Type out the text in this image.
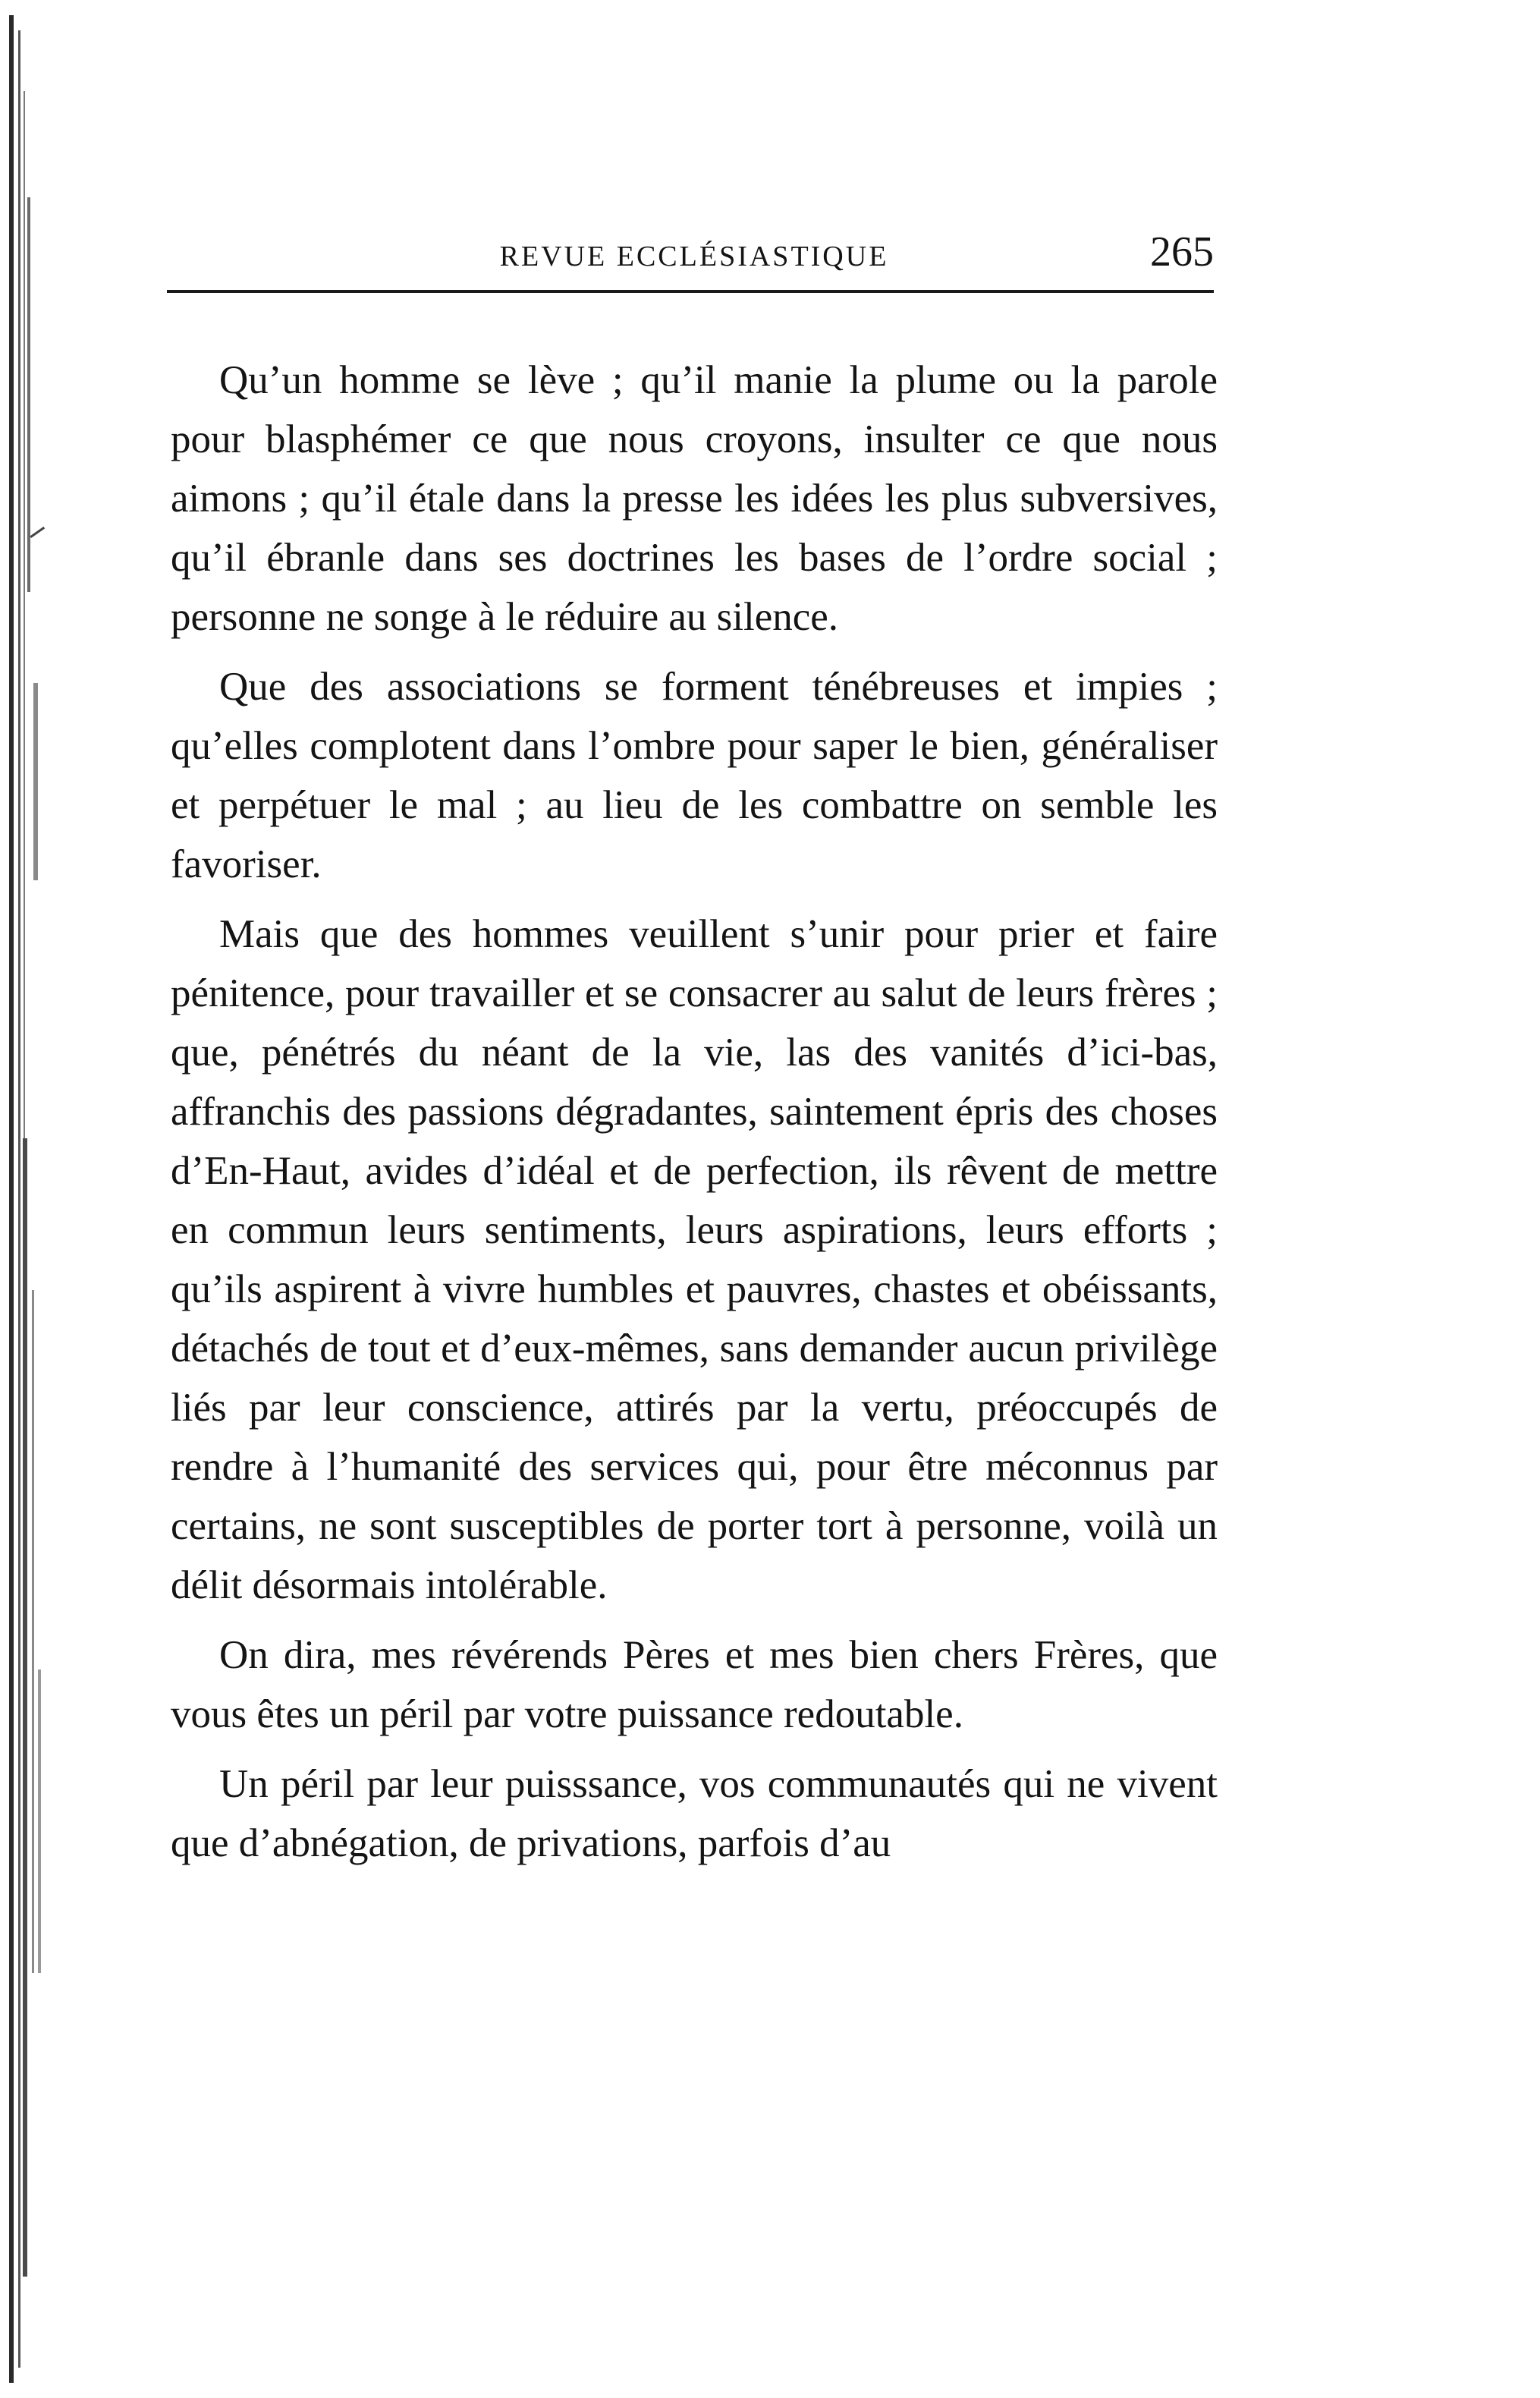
REVUE ECCLÉSIASTIQUE	265

Qu’un homme se lève ; qu’il manie la plume ou la parole pour blasphémer ce que nous croyons, insulter ce que nous aimons ; qu’il étale dans la presse les idées les plus subversives, qu’il ébranle dans ses doctrines les bases de l’ordre social ; personne ne songe à le réduire au silence.

Que des associations se forment ténébreuses et impies ; qu’elles complotent dans l’ombre pour saper le bien, généraliser et perpétuer le mal ; au lieu de les combattre on semble les favoriser.

Mais que des hommes veuillent s’unir pour prier et faire pénitence, pour travailler et se consacrer au salut de leurs frères ; que, pénétrés du néant de la vie, las des vanités d’ici-bas, affranchis des passions dégradantes, saintement épris des choses d’En-Haut, avides d’idéal et de perfection, ils rêvent de mettre en commun leurs sentiments, leurs aspirations, leurs efforts ; qu’ils aspirent à vivre humbles et pauvres, chastes et obéissants, détachés de tout et d’eux-mêmes, sans demander aucun privilège liés par leur conscience, attirés par la vertu, préoccupés de rendre à l’humanité des services qui, pour être méconnus par certains, ne sont susceptibles de porter tort à personne, voilà un délit désormais intolérable.

On dira, mes révérends Pères et mes bien chers Frères, que vous êtes un péril par votre puissance redoutable.

Un péril par leur puisssance, vos communautés qui ne vivent que d’abnégation, de privations, parfois d’au
